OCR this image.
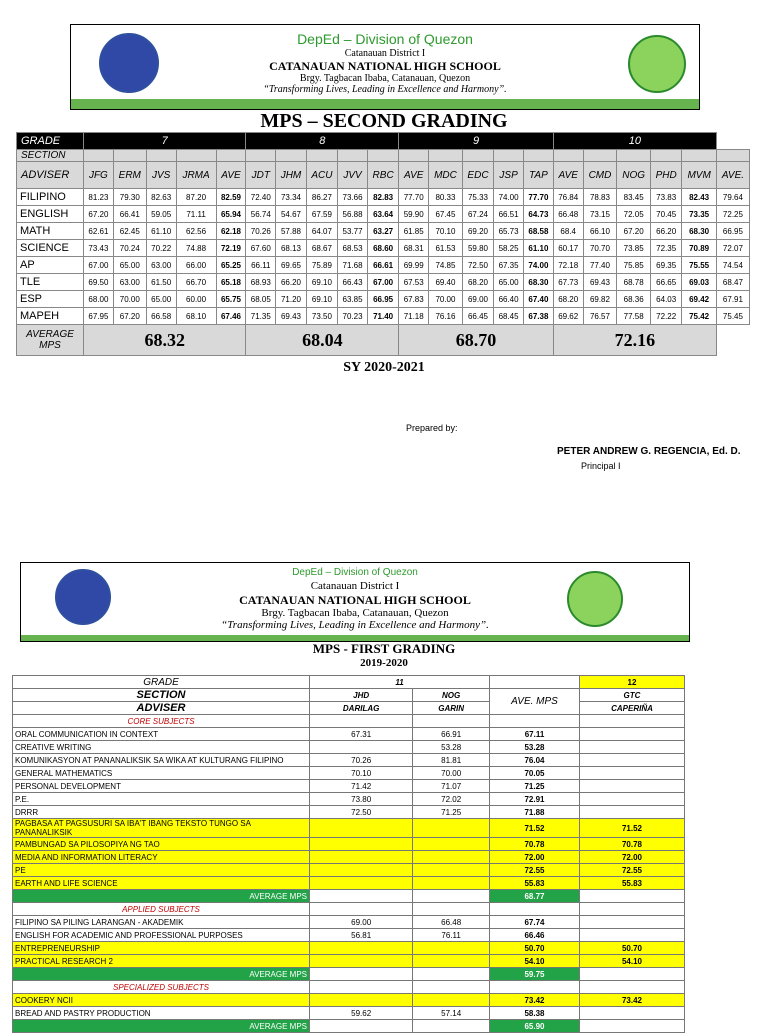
DepEd – Division of Quezon
Catanauan District I
CATANAUAN NATIONAL HIGH SCHOOL
Brgy. Tagbacan Ibaba, Catanauan, Quezon
“Transforming Lives, Leading in Excellence and Harmony”.
MPS – SECOND GRADING
GRADE	7					8					9					10					
SECTION																					
ADVISER	JFG	ERM	JVS	JRMA	AVE	JDT	JHM	ACU	JVV	RBC	AVE	MDC	EDC	JSP	TAP	AVE	CMD	NOG	PHD	MVM	AVE.
FILIPINO	81.23	79.30	82.63	87.20	82.59	72.40	73.34	86.27	73.66	82.83	77.70	80.33	75.33	74.00	77.70	76.84	78.83	83.45	73.83	82.43	79.64
ENGLISH	67.20	66.41	59.05	71.11	65.94	56.74	54.67	67.59	56.88	63.64	59.90	67.45	67.24	66.51	64.73	66.48	73.15	72.05	70.45	73.35	72.25
MATH	62.61	62.45	61.10	62.56	62.18	70.26	57.88	64.07	53.77	63.27	61.85	70.10	69.20	65.73	68.58	68.4	66.10	67.20	66.20	68.30	66.95
SCIENCE	73.43	70.24	70.22	74.88	72.19	67.60	68.13	68.67	68.53	68.60	68.31	61.53	59.80	58.25	61.10	60.17	70.70	73.85	72.35	70.89	72.07
AP	67.00	65.00	63.00	66.00	65.25	66.11	69.65	75.89	71.68	66.61	69.99	74.85	72.50	67.35	74.00	72.18	77.40	75.85	69.35	75.55	74.54
TLE	69.50	63.00	61.50	66.70	65.18	68.93	66.20	69.10	66.43	67.00	67.53	69.40	68.20	65.00	68.30	67.73	69.43	68.78	66.65	69.03	68.47
ESP	68.00	70.00	65.00	60.00	65.75	68.05	71.20	69.10	63.85	66.95	67.83	70.00	69.00	66.40	67.40	68.20	69.82	68.36	64.03	69.42	67.91
MAPEH	67.95	67.20	66.58	68.10	67.46	71.35	69.43	73.50	70.23	71.40	71.18	76.16	66.45	68.45	67.38	69.62	76.57	77.58	72.22	75.42	75.45
AVERAGE MPS	68.32					68.04					68.70					72.16					
SY 2020-2021
Prepared by:
PETER ANDREW G. REGENCIA, Ed. D.
Principal I
DepEd – Division of Quezon
Catanauan District I
CATANAUAN NATIONAL HIGH SCHOOL
Brgy. Tagbacan Ibaba, Catanauan, Quezon
“Transforming Lives, Leading in Excellence and Harmony”.
MPS - FIRST GRADING
2019-2020
GRADE	11			12
SECTION	JHD	NOG	AVE. MPS	GTC
ADVISER	DARILAG	GARIN		CAPERIÑA
CORE SUBJECTS				
ORAL COMMUNICATION IN CONTEXT	67.31	66.91	67.11	
CREATIVE WRITING		53.28	53.28	
KOMUNIKASYON AT PANANALIKSIK SA WIKA AT KULTURANG FILIPINO	70.26	81.81	76.04	
GENERAL MATHEMATICS	70.10	70.00	70.05	
PERSONAL DEVELOPMENT	71.42	71.07	71.25	
P.E.	73.80	72.02	72.91	
DRRR	72.50	71.25	71.88	
PAGBASA AT PAGSUSURI SA IBA'T IBANG TEKSTO TUNGO SA PANANALIKSIK			71.52	71.52
PAMBUNGAD SA PILOSOPIYA NG TAO			70.78	70.78
MEDIA AND INFORMATION LITERACY			72.00	72.00
PE			72.55	72.55
EARTH AND LIFE SCIENCE			55.83	55.83
AVERAGE MPS			68.77	
APPLIED SUBJECTS				
FILIPINO SA PILING LARANGAN - AKADEMIK	69.00	66.48	67.74	
ENGLISH FOR ACADEMIC AND PROFESSIONAL PURPOSES	56.81	76.11	66.46	
ENTREPRENEURSHIP			50.70	50.70
PRACTICAL RESEARCH 2			54.10	54.10
AVERAGE MPS			59.75	
SPECIALIZED SUBJECTS				
COOKERY NCII			73.42	73.42
BREAD AND PASTRY PRODUCTION	59.62	57.14	58.38	
AVERAGE MPS			65.90	
